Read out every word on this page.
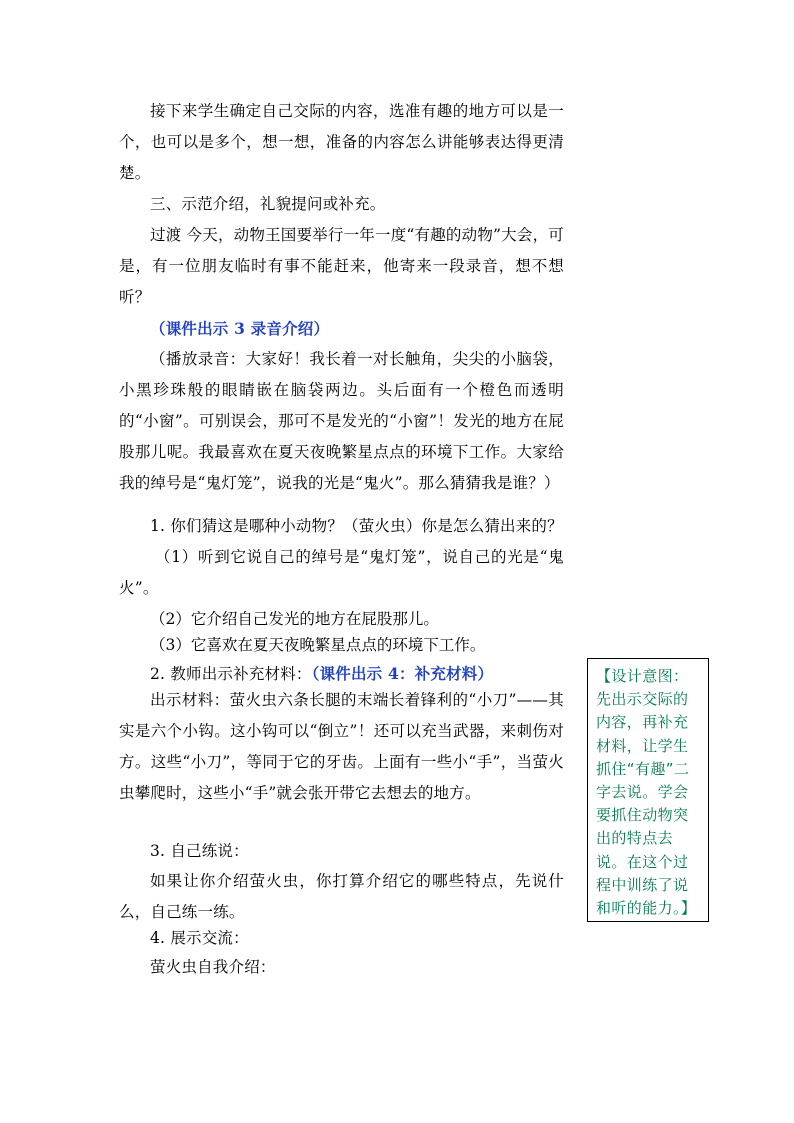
接下来学生确定自己交际的内容，选准有趣的地方可以是一个，也可以是多个，想一想，准备的内容怎么讲能够表达得更清楚。

三、示范介绍，礼貌提问或补充。

过渡 今天，动物王国要举行一年一度“有趣的动物”大会，可是，有一位朋友临时有事不能赶来，他寄来一段录音，想不想听？

（课件出示 3 录音介绍）

（播放录音：大家好！我长着一对长触角，尖尖的小脑袋，小黑珍珠般的眼睛嵌在脑袋两边。头后面有一个橙色而透明的“小窗”。可别误会，那可不是发光的“小窗”！发光的地方在屁股那儿呢。我最喜欢在夏天夜晚繁星点点的环境下工作。大家给我的绰号是“鬼灯笼”，说我的光是“鬼火”。那么猜猜我是谁？）

1. 你们猜这是哪种小动物？（萤火虫）你是怎么猜出来的？

（1）听到它说自己的绰号是“鬼灯笼”，说自己的光是“鬼火”。

（2）它介绍自己发光的地方在屁股那儿。

（3）它喜欢在夏天夜晚繁星点点的环境下工作。

2. 教师出示补充材料：（课件出示 4：补充材料）

出示材料：萤火虫六条长腿的末端长着锋利的“小刀”——其实是六个小钩。这小钩可以“倒立”！还可以充当武器，来刺伤对方。这些“小刀”，等同于它的牙齿。上面有一些小“手”，当萤火虫攀爬时，这些小“手”就会张开带它去想去的地方。

3. 自己练说：

如果让你介绍萤火虫，你打算介绍它的哪些特点，先说什么，自己练一练。

4. 展示交流：

萤火虫自我介绍：

【设计意图：先出示交际的内容，再补充材料，让学生抓住“有趣”二字去说。学会要抓住动物突出的特点去说。在这个过程中训练了说和听的能力。】
